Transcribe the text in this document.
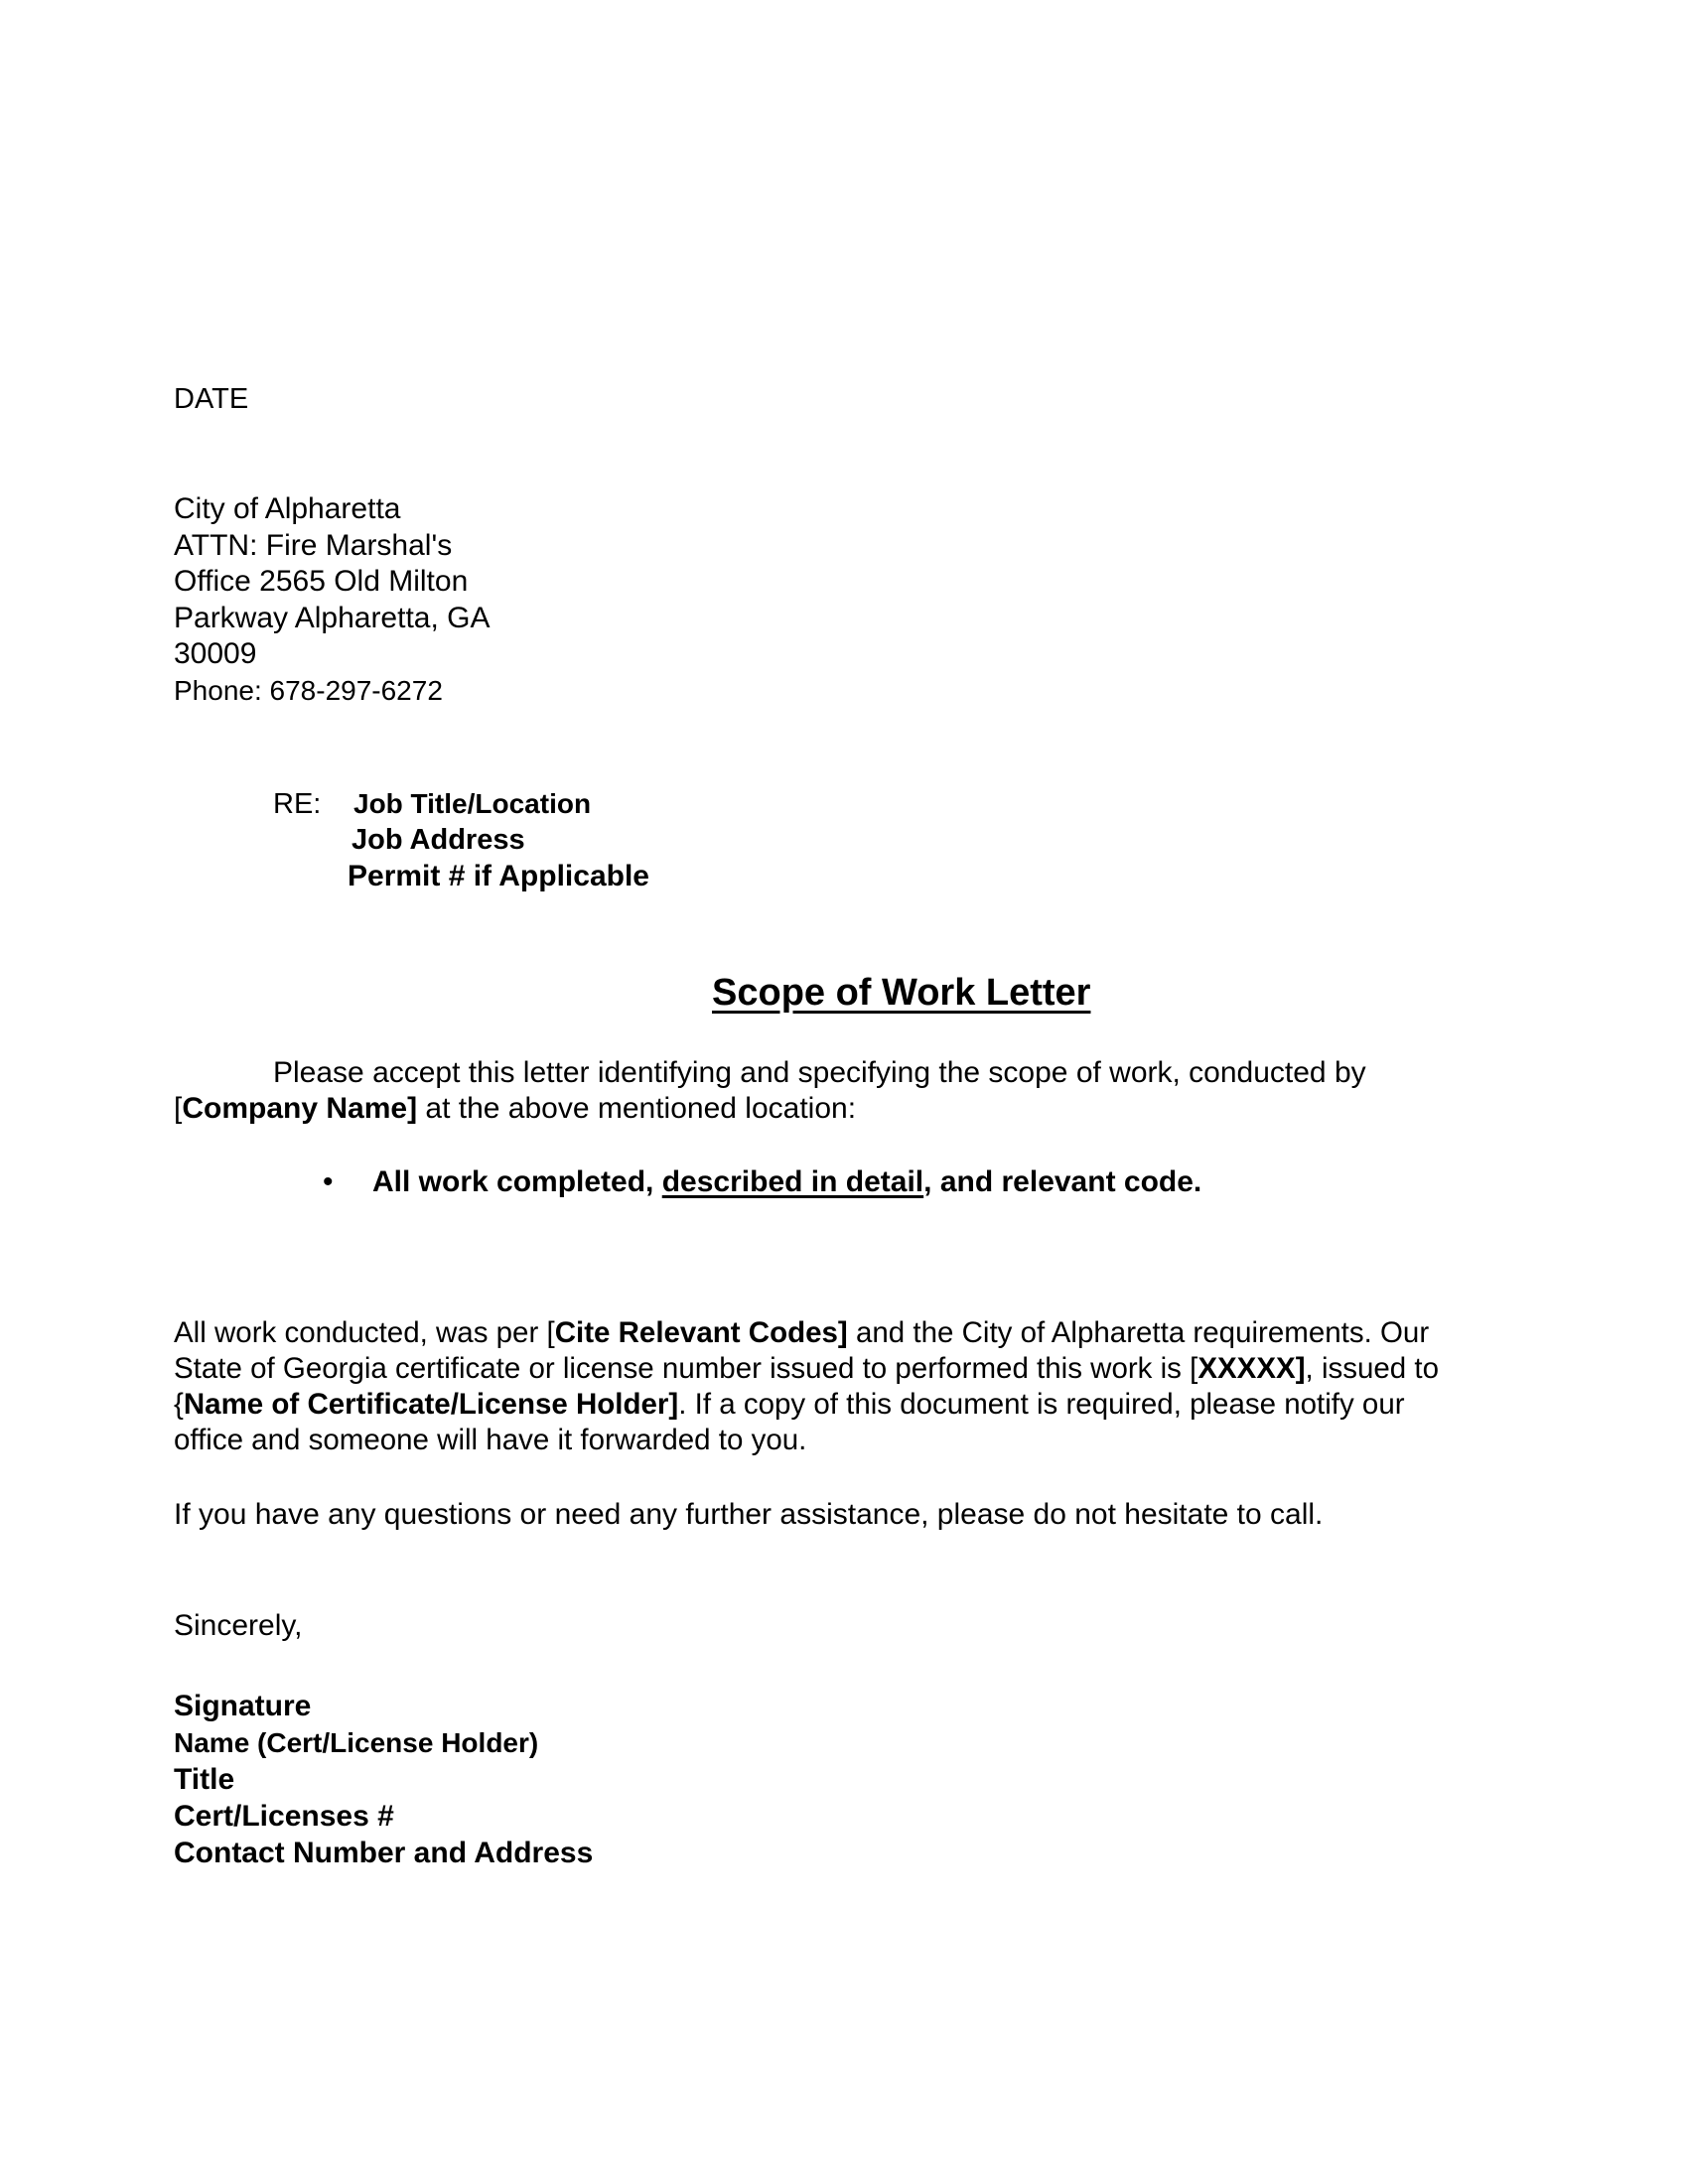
DATE
City of Alpharetta
ATTN: Fire Marshal's
Office 2565 Old Milton
Parkway Alpharetta, GA
30009
Phone: 678-297-6272
RE: Job Title/Location
Job Address
Permit # if Applicable
Scope of Work Letter
Please accept this letter identifying and specifying the scope of work, conducted by
[Company Name] at the above mentioned location:
• All work completed, described in detail, and relevant code.
All work conducted, was per [Cite Relevant Codes] and the City of Alpharetta requirements. Our
State of Georgia certificate or license number issued to performed this work is [XXXXX], issued to
{Name of Certificate/License Holder]. If a copy of this document is required, please notify our
office and someone will have it forwarded to you.
If you have any questions or need any further assistance, please do not hesitate to call.
Sincerely,
Signature
Name (Cert/License Holder)
Title
Cert/Licenses #
Contact Number and Address
